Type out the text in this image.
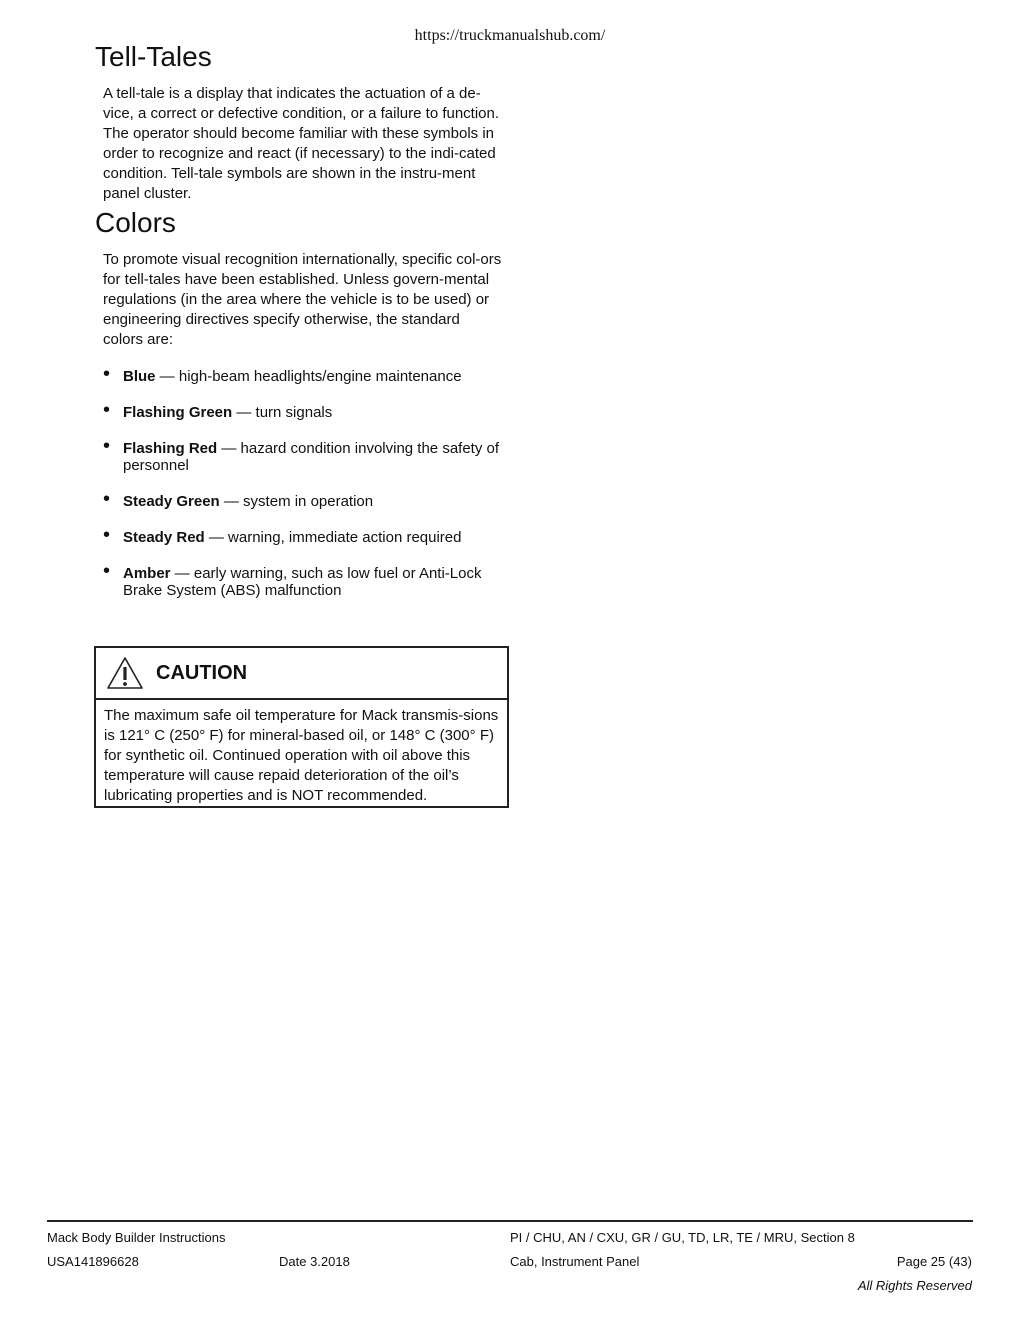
https://truckmanualshub.com/
Tell-Tales

A tell-tale is a display that indicates the actuation of a de-vice, a correct or defective condition, or a failure to function.

The operator should become familiar with these symbols in order to recognize and react (if necessary) to the indi-cated condition. Tell-tale symbols are shown in the instru-ment panel cluster.

Colors

To promote visual recognition internationally, specific col-ors for tell-tales have been established. Unless govern-mental regulations (in the area where the vehicle is to be used) or engineering directives specify otherwise, the standard colors are:

• Blue — high-beam headlights/engine maintenance
• Flashing Green — turn signals
• Flashing Red — hazard condition involving the safety of personnel
• Steady Green — system in operation
• Steady Red — warning, immediate action required
• Amber — early warning, such as low fuel or Anti-Lock Brake System (ABS) malfunction
CAUTION
The maximum safe oil temperature for Mack transmis-sions is 121° C (250° F) for mineral-based oil, or 148° C (300° F) for synthetic oil. Continued operation with oil above this temperature will cause repaid deterioration of the oil’s lubricating properties and is NOT recommended.
Mack Body Builder Instructions	PI / CHU, AN / CXU, GR / GU, TD, LR, TE / MRU, Section 8
USA141896628	Date 3.2018	Cab, Instrument Panel	Page 25 (43)
All Rights Reserved
